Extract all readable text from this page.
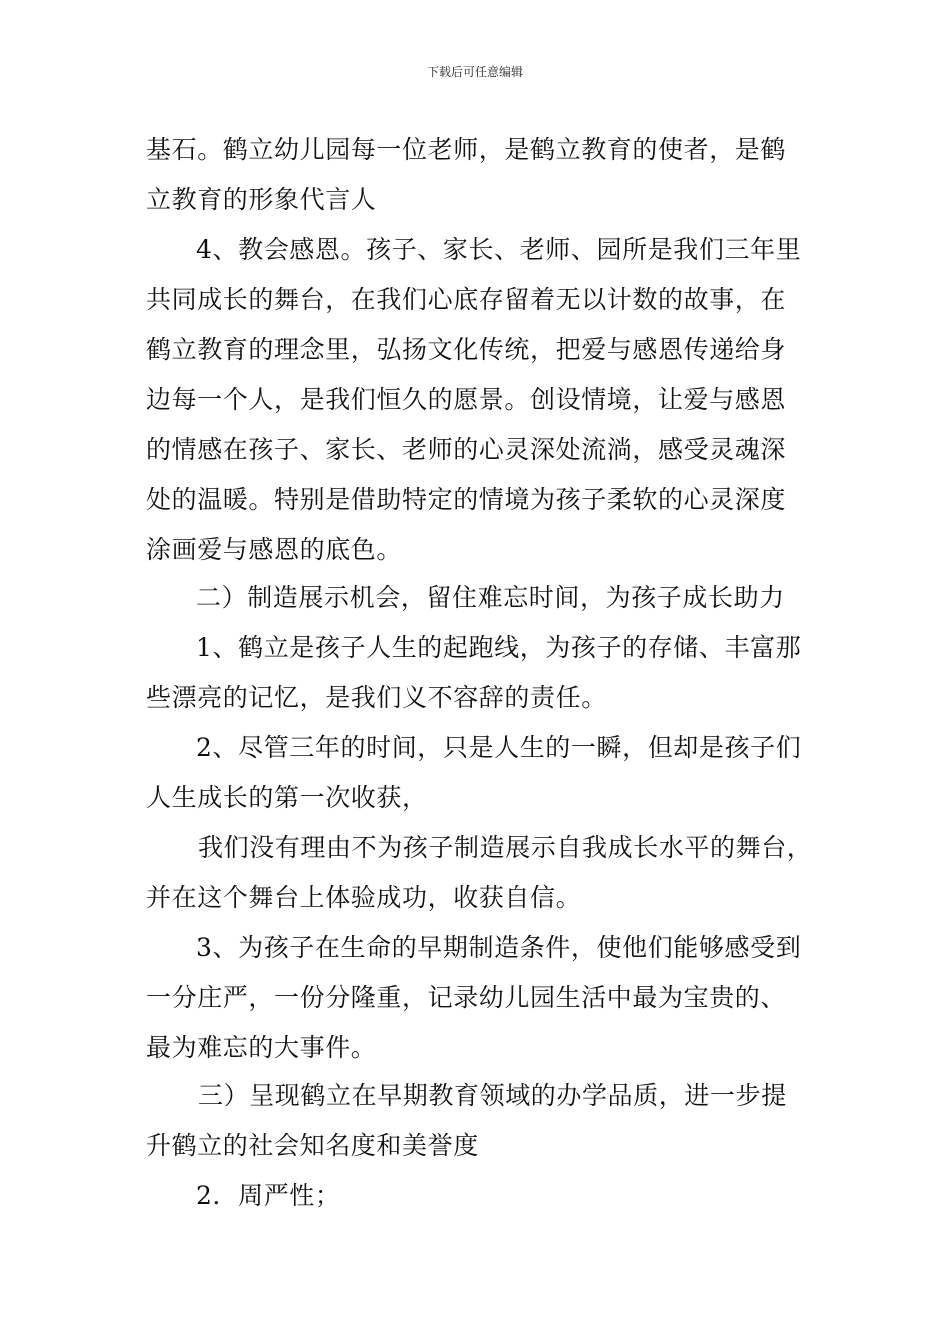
下载后可任意编辑
基石。鹤立幼儿园每一位老师，是鹤立教育的使者，是鹤
立教育的形象代言人
4、教会感恩。孩子、家长、老师、园所是我们三年里
共同成长的舞台，在我们心底存留着无以计数的故事，在
鹤立教育的理念里，弘扬文化传统，把爱与感恩传递给身
边每一个人，是我们恒久的愿景。创设情境，让爱与感恩
的情感在孩子、家长、老师的心灵深处流淌，感受灵魂深
处的温暖。特别是借助特定的情境为孩子柔软的心灵深度
涂画爱与感恩的底色。
二）制造展示机会，留住难忘时间，为孩子成长助力
1、鹤立是孩子人生的起跑线，为孩子的存储、丰富那
些漂亮的记忆，是我们义不容辞的责任。
2、尽管三年的时间，只是人生的一瞬，但却是孩子们
人生成长的第一次收获，
我们没有理由不为孩子制造展示自我成长水平的舞台，
并在这个舞台上体验成功，收获自信。
3、为孩子在生命的早期制造条件，使他们能够感受到
一分庄严，一份分隆重，记录幼儿园生活中最为宝贵的、
最为难忘的大事件。
三）呈现鹤立在早期教育领域的办学品质，进一步提
升鹤立的社会知名度和美誉度
2．周严性；
